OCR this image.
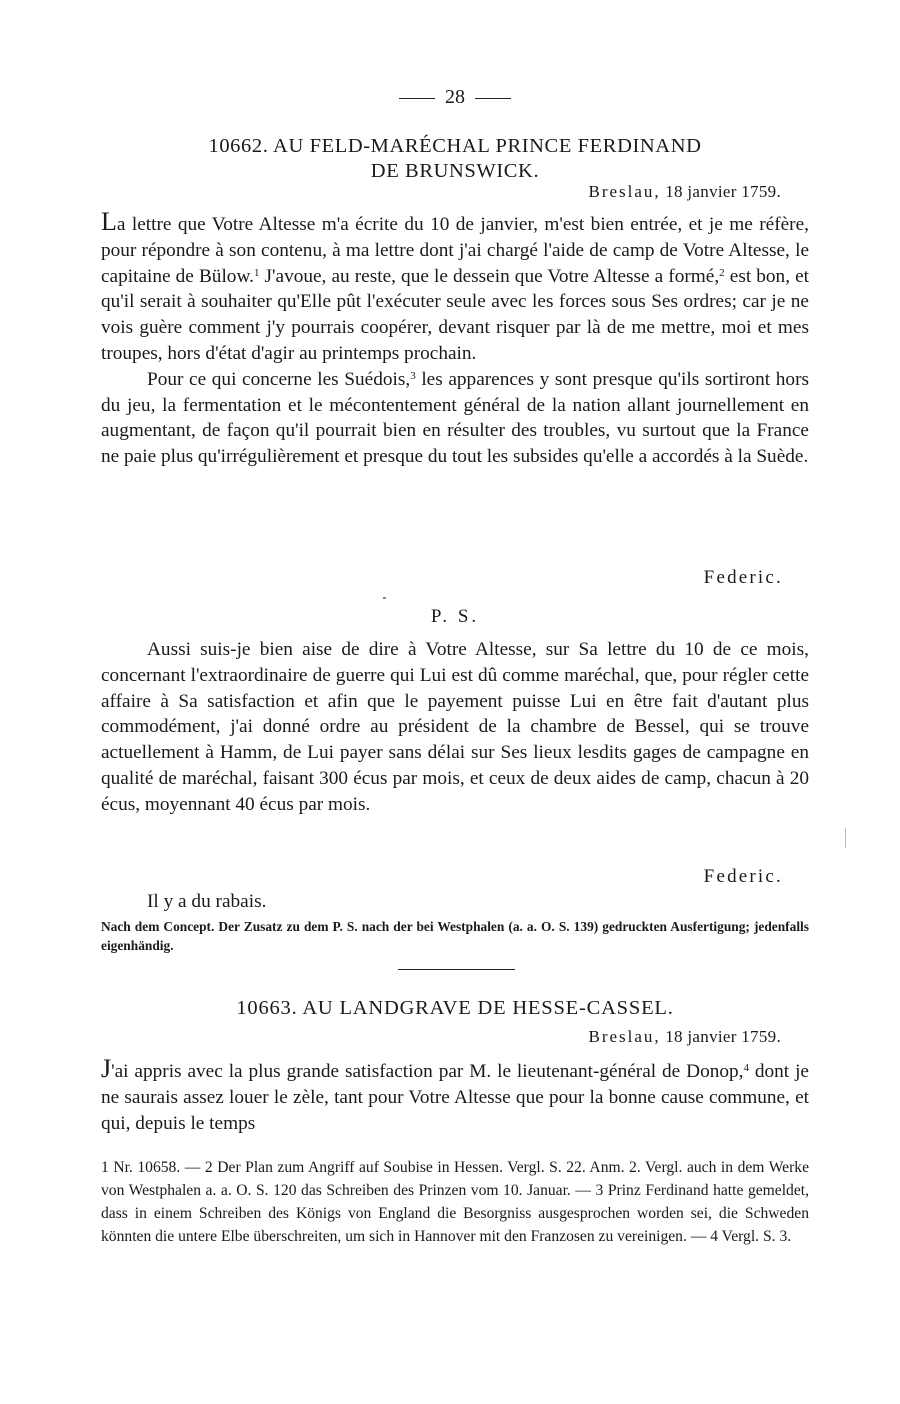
28
10662. AU FELD-MARÉCHAL PRINCE FERDINAND
DE BRUNSWICK.
Breslau, 18 janvier 1759.

La lettre que Votre Altesse m'a écrite du 10 de janvier, m'est bien entrée, et je me réfère, pour répondre à son contenu, à ma lettre dont j'ai chargé l'aide de camp de Votre Altesse, le capitaine de Bülow.$^1$ J'avoue, au reste, que le dessein que Votre Altesse a formé,$^2$ est bon, et qu'il serait à souhaiter qu'Elle pût l'exécuter seule avec les forces sous Ses ordres; car je ne vois guère comment j'y pourrais coopérer, devant risquer par là de me mettre, moi et mes troupes, hors d'état d'agir au printemps prochain.

Pour ce qui concerne les Suédois,$^3$ les apparences y sont presque qu'ils sortiront hors du jeu, la fermentation et le mécontentement général de la nation allant journellement en augmentant, de façon qu'il pourrait bien en résulter des troubles, vu surtout que la France ne paie plus qu'irrégulièrement et presque du tout les subsides qu'elle a accordés à la Suède.

Federic.
P. S.

Aussi suis-je bien aise de dire à Votre Altesse, sur Sa lettre du 10 de ce mois, concernant l'extraordinaire de guerre qui Lui est dû comme maréchal, que, pour régler cette affaire à Sa satisfaction et afin que le payement puisse Lui en être fait d'autant plus commodément, j'ai donné ordre au président de la chambre de Bessel, qui se trouve actuellement à Hamm, de Lui payer sans délai sur Ses lieux lesdits gages de campagne en qualité de maréchal, faisant 300 écus par mois, et ceux de deux aides de camp, chacun à 20 écus, moyennant 40 écus par mois.

Federic.
Il y a du rabais.
Nach dem Concept. Der Zusatz zu dem P. S. nach der bei Westphalen (a. a. O. S. 139) gedruckten Ausfertigung; jedenfalls eigenhändig.
10663. AU LANDGRAVE DE HESSE-CASSEL.
Breslau, 18 janvier 1759.

J'ai appris avec la plus grande satisfaction par M. le lieutenant-général de Donop,$^4$ dont je ne saurais assez louer le zèle, tant pour Votre Altesse que pour la bonne cause commune, et qui, depuis le temps

1 Nr. 10658. — 2 Der Plan zum Angriff auf Soubise in Hessen. Vergl. S. 22. Anm. 2. Vergl. auch in dem Werke von Westphalen a. a. O. S. 120 das Schreiben des Prinzen vom 10. Januar. — 3 Prinz Ferdinand hatte gemeldet, dass in einem Schreiben des Königs von England die Besorgniss ausgesprochen worden sei, die Schweden könnten die untere Elbe überschreiten, um sich in Hannover mit den Franzosen zu vereinigen. — 4 Vergl. S. 3.
